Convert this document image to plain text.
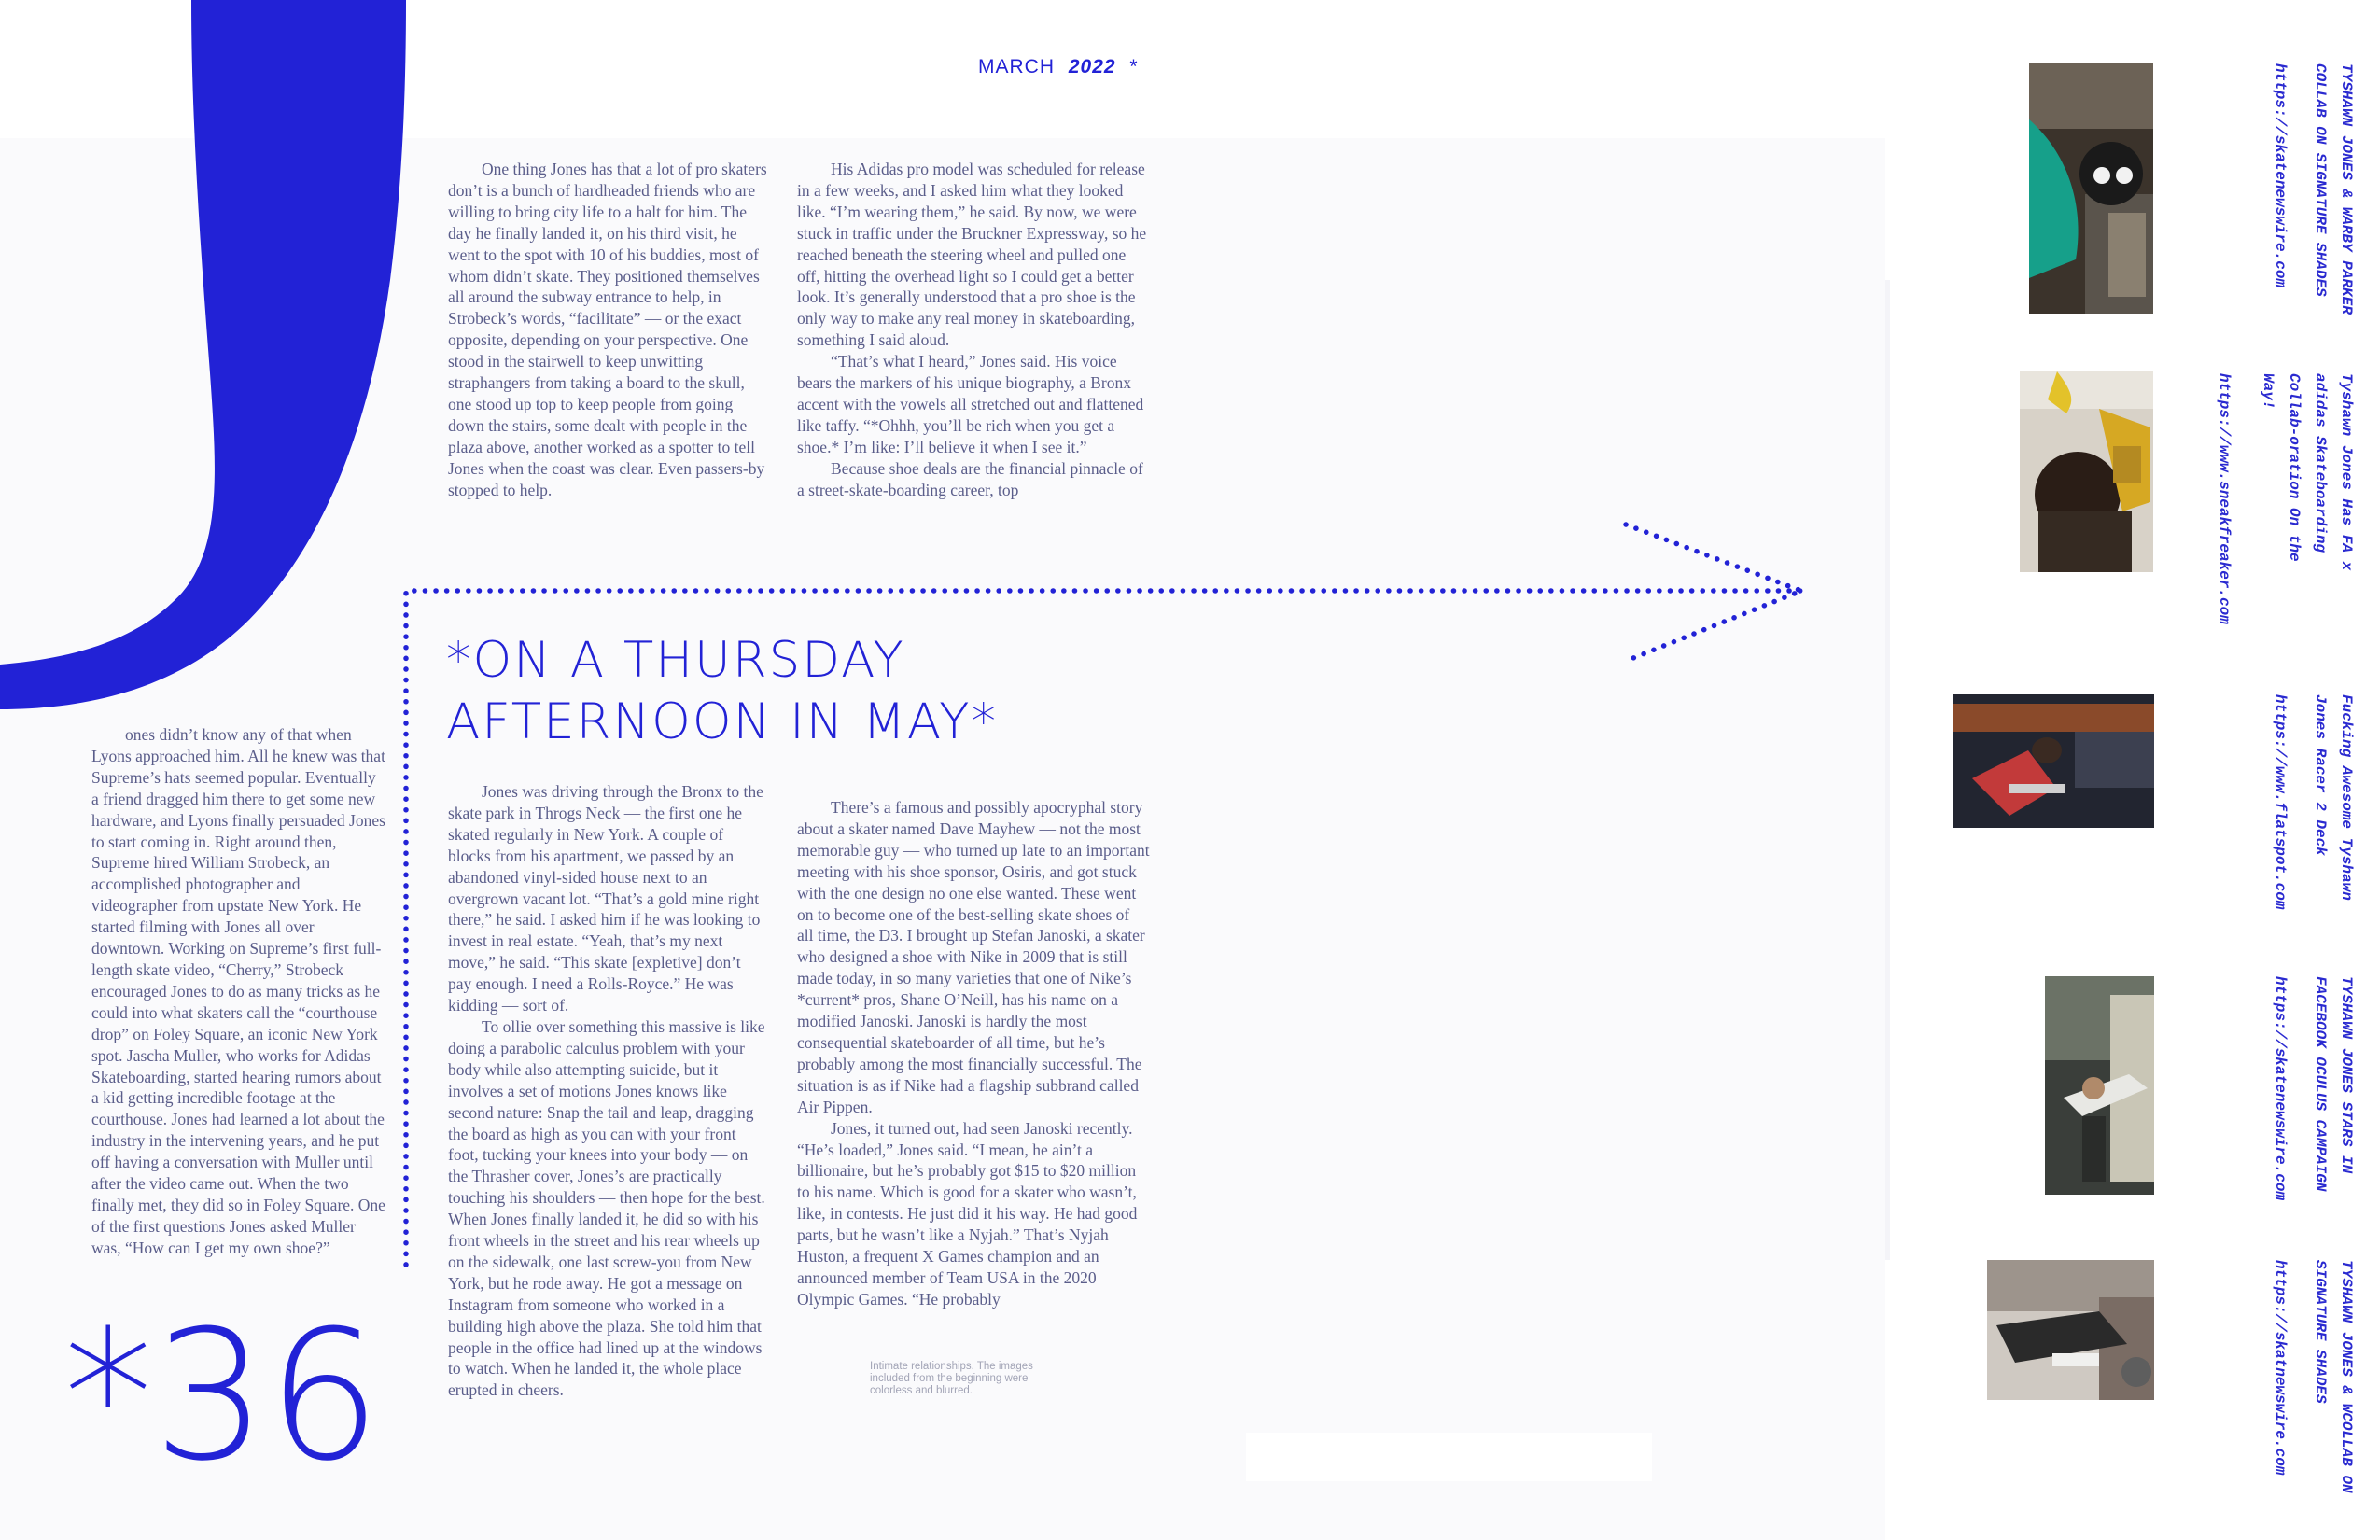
MARCH 2022 *

One thing Jones has that a lot of pro skaters don’t is a bunch of hardheaded friends who are willing to bring city life to a halt for him. The day he finally landed it, on his third visit, he went to the spot with 10 of his buddies, most of whom didn’t skate. They positioned themselves all around the subway entrance to help, in Strobeck’s words, “facilitate” — or the exact opposite, depending on your perspective. One stood in the stairwell to keep unwitting straphangers from taking a board to the skull, one stood up top to keep people from going down the stairs, some dealt with people in the plaza above, another worked as a spotter to tell Jones when the coast was clear. Even passers-by stopped to help.

His Adidas pro model was scheduled for release in a few weeks, and I asked him what they looked like. “I’m wearing them,” he said. By now, we were stuck in traffic under the Bruckner Expressway, so he reached beneath the steering wheel and pulled one off, hitting the overhead light so I could get a better look. It’s generally understood that a pro shoe is the only way to make any real money in skateboarding, something I said aloud.

“That’s what I heard,” Jones said. His voice bears the markers of his unique biography, a Bronx accent with the vowels all stretched out and flattened like taffy. “*Ohhh, you’ll be rich when you get a shoe.* I’m like: I’ll believe it when I see it.”

Because shoe deals are the financial pinnacle of a street-skate-boarding career, top

*ON A THURSDAY
AFTERNOON IN MAY*

ones didn’t know any of that when Lyons approached him. All he knew was that Supreme’s hats seemed popular. Eventually a friend dragged him there to get some new hardware, and Lyons finally persuaded Jones to start coming in. Right around then, Supreme hired William Strobeck, an accomplished photographer and videographer from upstate New York. He started filming with Jones all over downtown. Working on Supreme’s first full-length skate video, “Cherry,” Strobeck encouraged Jones to do as many tricks as he could into what skaters call the “courthouse drop” on Foley Square, an iconic New York spot. Jascha Muller, who works for Adidas Skateboarding, started hearing rumors about a kid getting incredible footage at the courthouse. Jones had learned a lot about the industry in the intervening years, and he put off having a conversation with Muller until after the video came out. When the two finally met, they did so in Foley Square. One of the first questions Jones asked Muller was, “How can I get my own shoe?”

Jones was driving through the Bronx to the skate park in Throgs Neck — the first one he skated regularly in New York. A couple of blocks from his apartment, we passed by an abandoned vinyl-sided house next to an overgrown vacant lot. “That’s a gold mine right there,” he said. I asked him if he was looking to invest in real estate. “Yeah, that’s my next move,” he said. “This skate [expletive] don’t pay enough. I need a Rolls-Royce.” He was kidding — sort of.

To ollie over something this massive is like doing a parabolic calculus problem with your body while also attempting suicide, but it involves a set of motions Jones knows like second nature: Snap the tail and leap, dragging the board as high as you can with your front foot, tucking your knees into your body — on the Thrasher cover, Jones’s are practically touching his shoulders — then hope for the best. When Jones finally landed it, he did so with his front wheels in the street and his rear wheels up on the sidewalk, one last screw-you from New York, but he rode away. He got a message on Instagram from someone who worked in a building high above the plaza. She told him that people in the office had lined up at the windows to watch. When he landed it, the whole place erupted in cheers.

There’s a famous and possibly apocryphal story about a skater named Dave Mayhew — not the most memorable guy — who turned up late to an important meeting with his shoe sponsor, Osiris, and got stuck with the one design no one else wanted. These went on to become one of the best-selling skate shoes of all time, the D3. I brought up Stefan Janoski, a skater who designed a shoe with Nike in 2009 that is still made today, in so many varieties that one of Nike’s *current* pros, Shane O’Neill, has his name on a modified Janoski. Janoski is hardly the most consequential skateboarder of all time, but he’s probably among the most financially successful. The situation is as if Nike had a flagship subbrand called Air Pippen.

Jones, it turned out, had seen Janoski recently. “He’s loaded,” Jones said. “I mean, he ain’t a billionaire, but he’s probably got $15 to $20 million to his name. Which is good for a skater who wasn’t, like, in contests. He just did it his way. He had good parts, but he wasn’t like a Nyjah.” That’s Nyjah Huston, a frequent X Games champion and an announced member of Team USA in the 2020 Olympic Games. “He probably

Intimate relationships. The images included from the beginning were colorless and blurred.
*36
TYSHAWN JONES & WARBY PARKER COLLAB ON SIGNATURE SHADES
https://skatenewswire.com
Tyshawn Jones Has FA x adidas Skateboarding Collab-oration On the Way!
https://www.sneakfreaker.com
Fucking Awesome Tyshawn Jones Racer 2 Deck
https://www.flatspot.com
TYSHAWN JONES STARS IN FACEBOOK OCULUS CAMPAIGN
https://skatenewswire.com
TYSHAWN JONES & WCOLLAB ON SIGNATURE SHADES
https://skatnewswire.com
